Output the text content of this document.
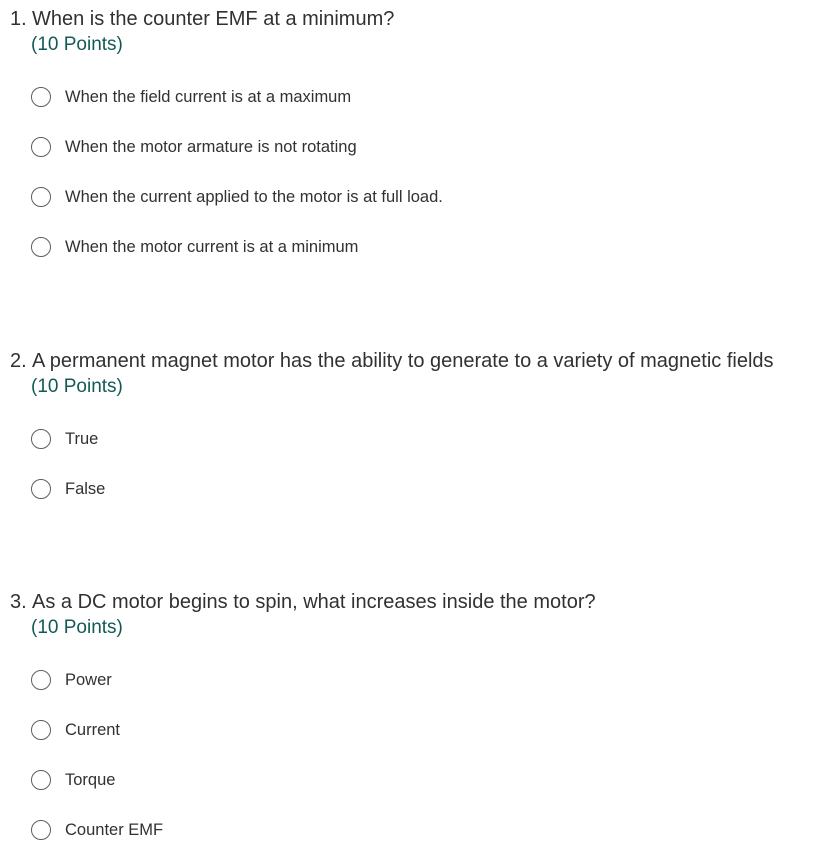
1. When is the counter EMF at a minimum?
(10 Points)
When the field current is at a maximum
When the motor armature is not rotating
When the current applied to the motor is at full load.
When the motor current is at a minimum
2. A permanent magnet motor has the ability to generate to a variety of magnetic fields
(10 Points)
True
False
3. As a DC motor begins to spin, what increases inside the motor?
(10 Points)
Power
Current
Torque
Counter EMF
